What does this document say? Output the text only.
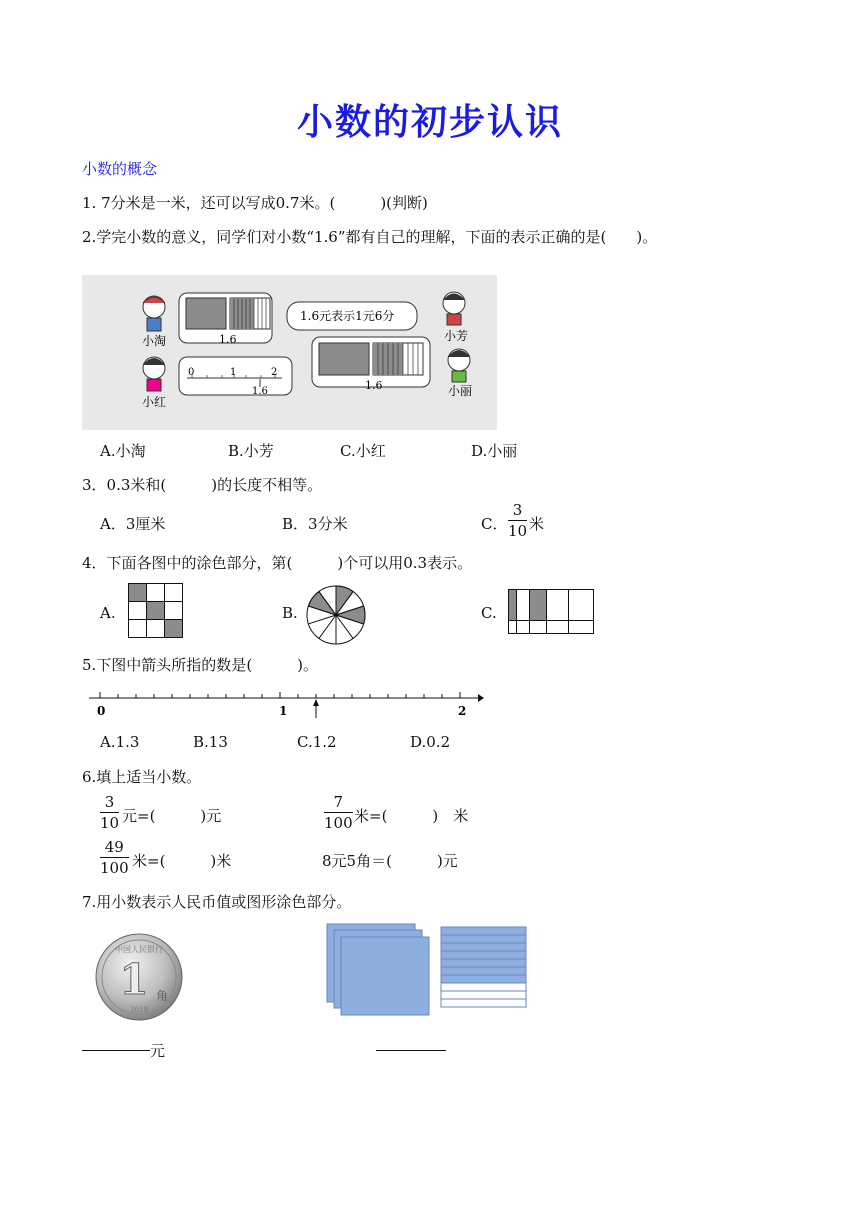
小数的初步认识
小数的概念
1. 7分米是一米，还可以写成0.7米。(　　　)(判断)
2.学完小数的意义，同学们对小数“1.6”都有自己的理解，下面的表示正确的是(　　)。
小淘	1.6
1.6元表示1元6分
小芳
小红
0	1	2
1.6	1.6	小丽
A.小淘	B.小芳	C.小红	D.小丽
3．0.3米和(　　　)的长度不相等。
A．3厘米	B．3分米	C． $\frac{3}{10}$ 米
4．下面各图中的涂色部分，第(　　　)个可以用0.3表示。
A.	B.	C.
5.下图中箭头所指的数是(　　　)。
0	1	2
A.1.3	B.13	C.1.2	D.0.2
6.填上适当小数。
$\frac{3}{10}$ 元=(　　　)元	$\frac{7}{100}$ 米=(　　　)　米
$\frac{49}{100}$ 米=(　　　)米	8元5角＝(　　　)元
7.用小数表示人民币值或图形涂色部分。
中国人民银行
1 角
2019
元
